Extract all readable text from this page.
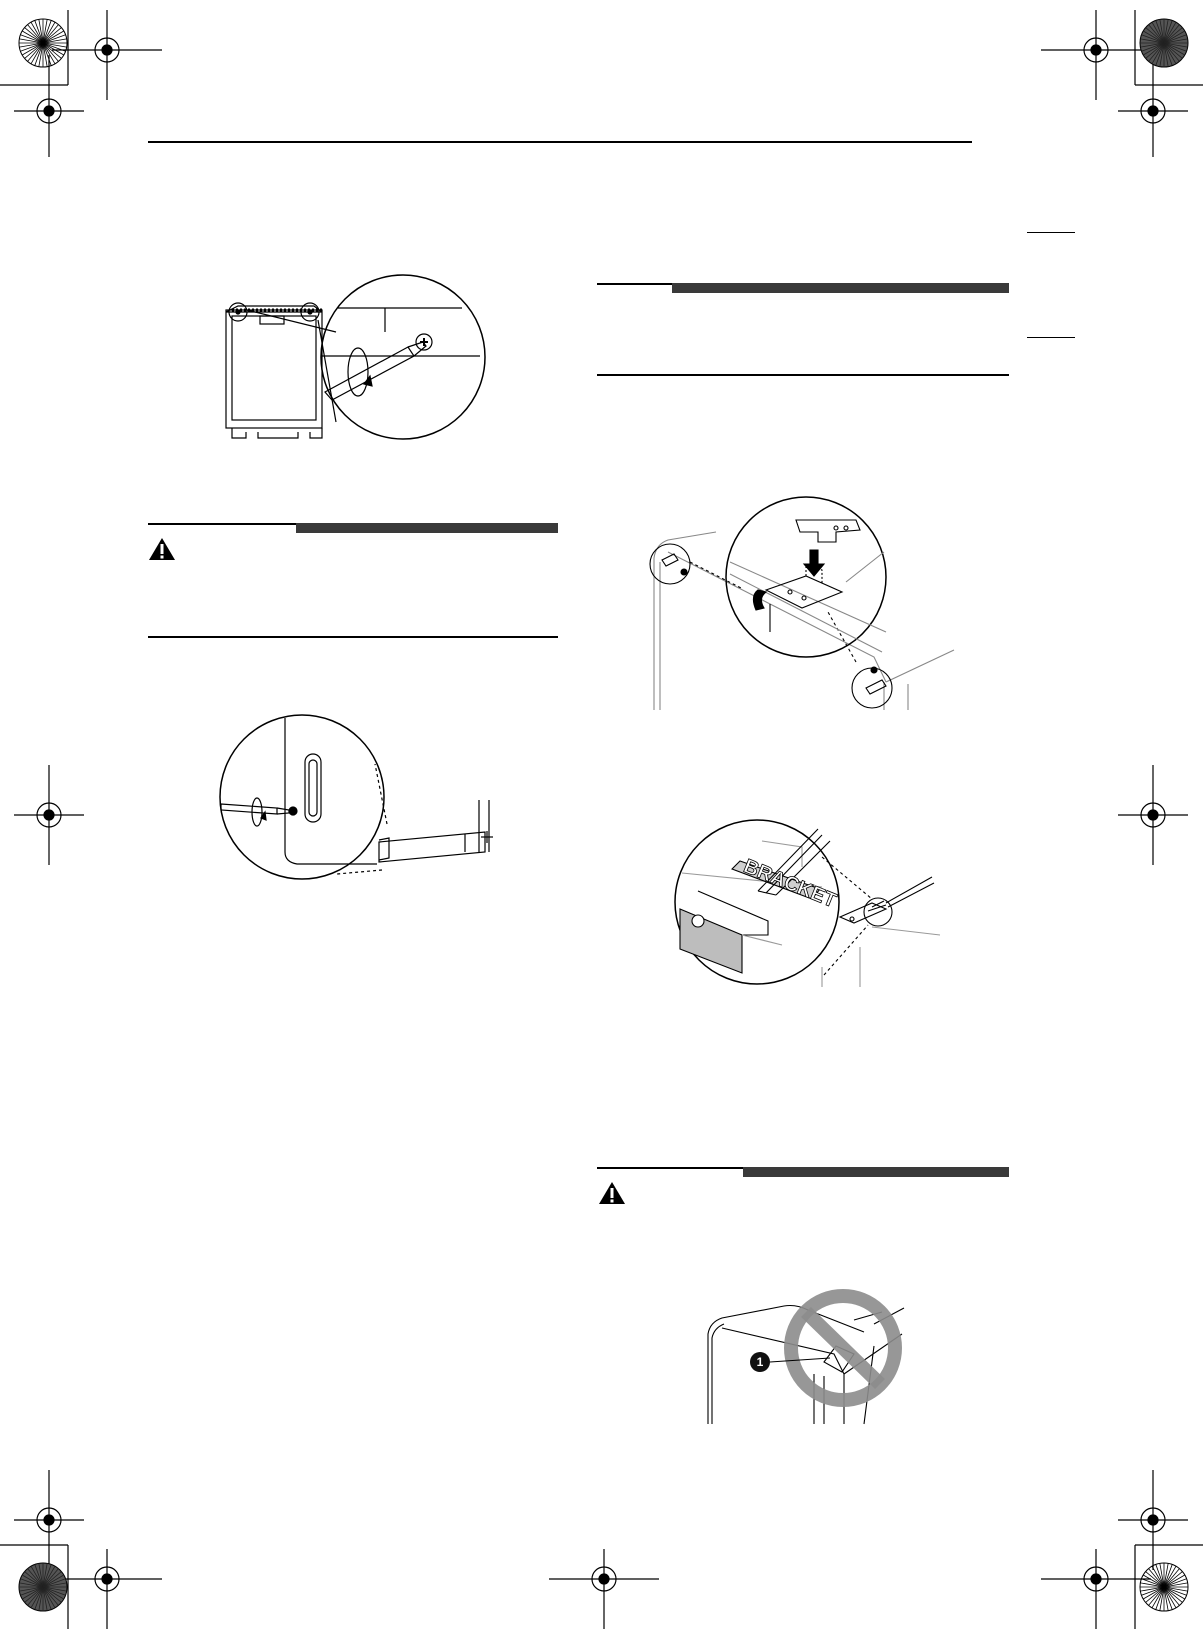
BRACKET
1
